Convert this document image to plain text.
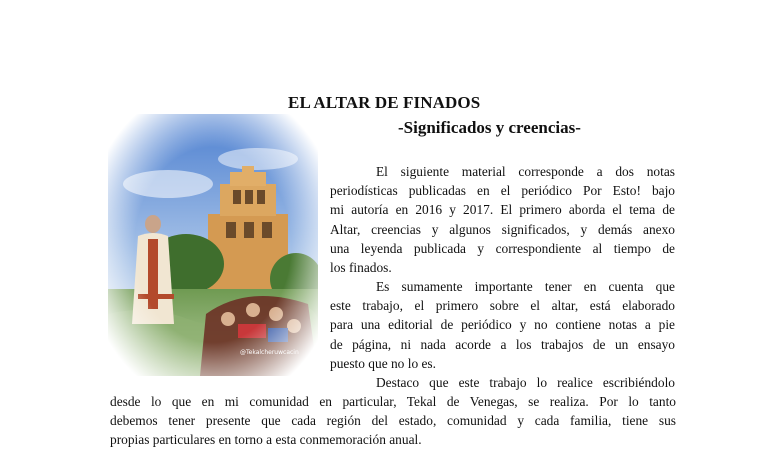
EL ALTAR DE FINADOS
-Significados y creencias-

El siguiente material corresponde a dos notas
periodísticas publicadas en el periódico Por Esto! bajo
mi autoría en 2016 y 2017. El primero aborda el tema de
Altar, creencias y algunos significados, y demás anexo
una leyenda publicada y correspondiente al tiempo de
los finados.

Es sumamente importante tener en cuenta que
este trabajo, el primero sobre el altar, está elaborado
para una editorial de periódico y no contiene notas a pie
de página, ni nada acorde a los trabajos de un ensayo
puesto que no lo es.

Destaco que este trabajo lo realice escribiéndolo
desde lo que en mi comunidad en particular, Tekal de Venegas, se realiza. Por lo tanto
debemos tener presente que cada región del estado, comunidad y cada familia, tiene sus
propias particulares en torno a esta conmemoración anual.
